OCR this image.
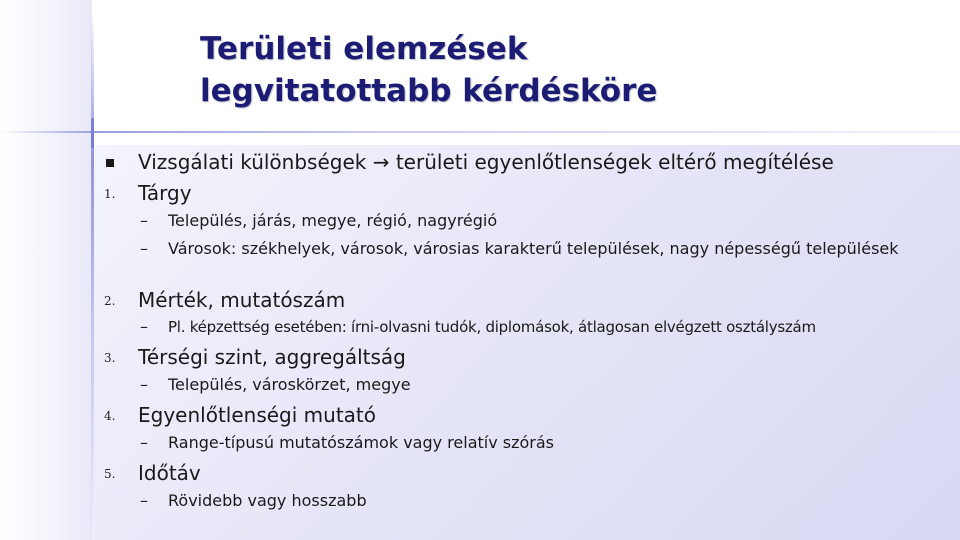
Területi elemzések
legvitatottabb kérdésköre
Vizsgálati különbségek → területi egyenlőtlenségek eltérő megítélése
1. Tárgy
– Település, járás, megye, régió, nagyrégió
– Városok: székhelyek, városok, városias karakterű települések, nagy népességű települések
2. Mérték, mutatószám
– Pl. képzettség esetében: írni-olvasni tudók, diplomások, átlagosan elvégzett osztályszám
3. Térségi szint, aggregáltság
– Település, városkörzet, megye
4. Egyenlőtlenségi mutató
– Range-típusú mutatószámok vagy relatív szórás
5. Időtáv
– Rövidebb vagy hosszabb
